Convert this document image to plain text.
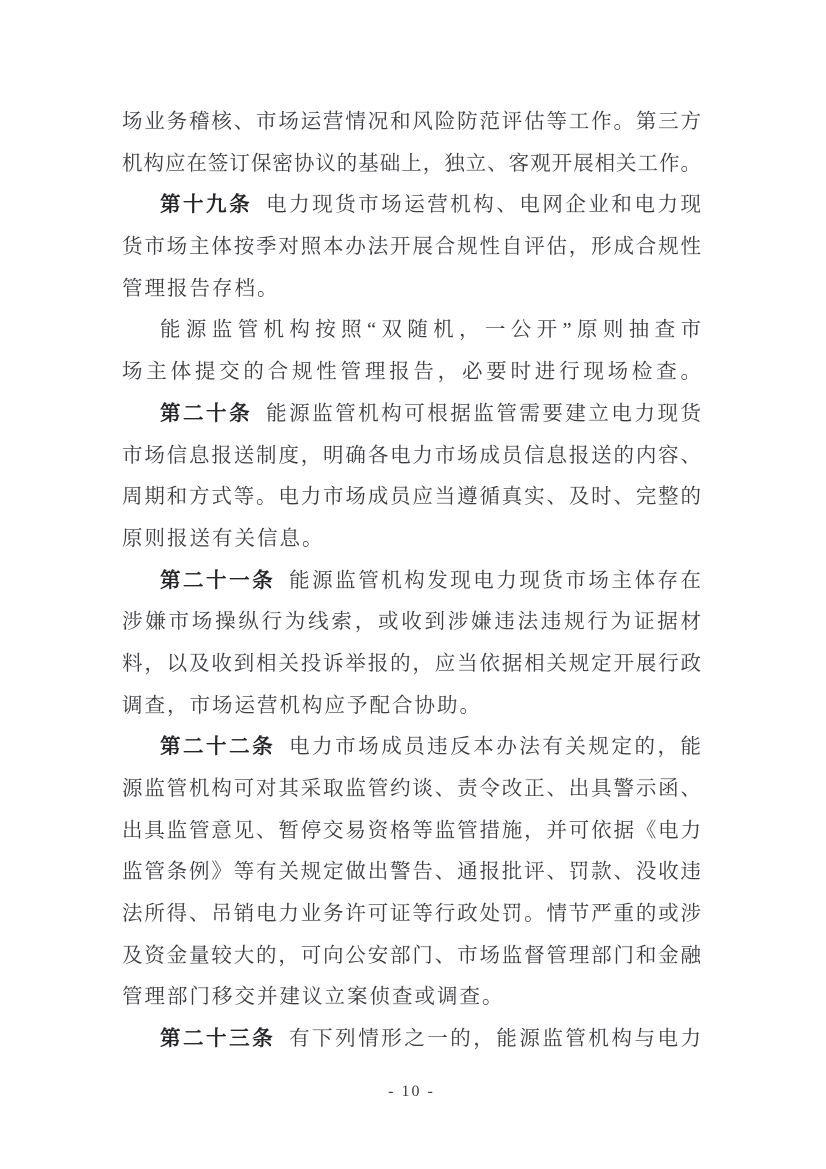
场业务稽核、市场运营情况和风险防范评估等工作。第三方
机构应在签订保密协议的基础上，独立、客观开展相关工作。
第十九条 电力现货市场运营机构、电网企业和电力现
货市场主体按季对照本办法开展合规性自评估，形成合规性
管理报告存档。
能源监管机构按照“双随机，一公开”原则抽查市
场主体提交的合规性管理报告，必要时进行现场检查。
第二十条 能源监管机构可根据监管需要建立电力现货
市场信息报送制度，明确各电力市场成员信息报送的内容、
周期和方式等。电力市场成员应当遵循真实、及时、完整的
原则报送有关信息。
第二十一条 能源监管机构发现电力现货市场主体存在
涉嫌市场操纵行为线索，或收到涉嫌违法违规行为证据材
料，以及收到相关投诉举报的，应当依据相关规定开展行政
调查，市场运营机构应予配合协助。
第二十二条 电力市场成员违反本办法有关规定的，能
源监管机构可对其采取监管约谈、责令改正、出具警示函、
出具监管意见、暂停交易资格等监管措施，并可依据《电力
监管条例》等有关规定做出警告、通报批评、罚款、没收违
法所得、吊销电力业务许可证等行政处罚。情节严重的或涉
及资金量较大的，可向公安部门、市场监督管理部门和金融
管理部门移交并建议立案侦查或调查。
第二十三条 有下列情形之一的，能源监管机构与电力
- 10 -
